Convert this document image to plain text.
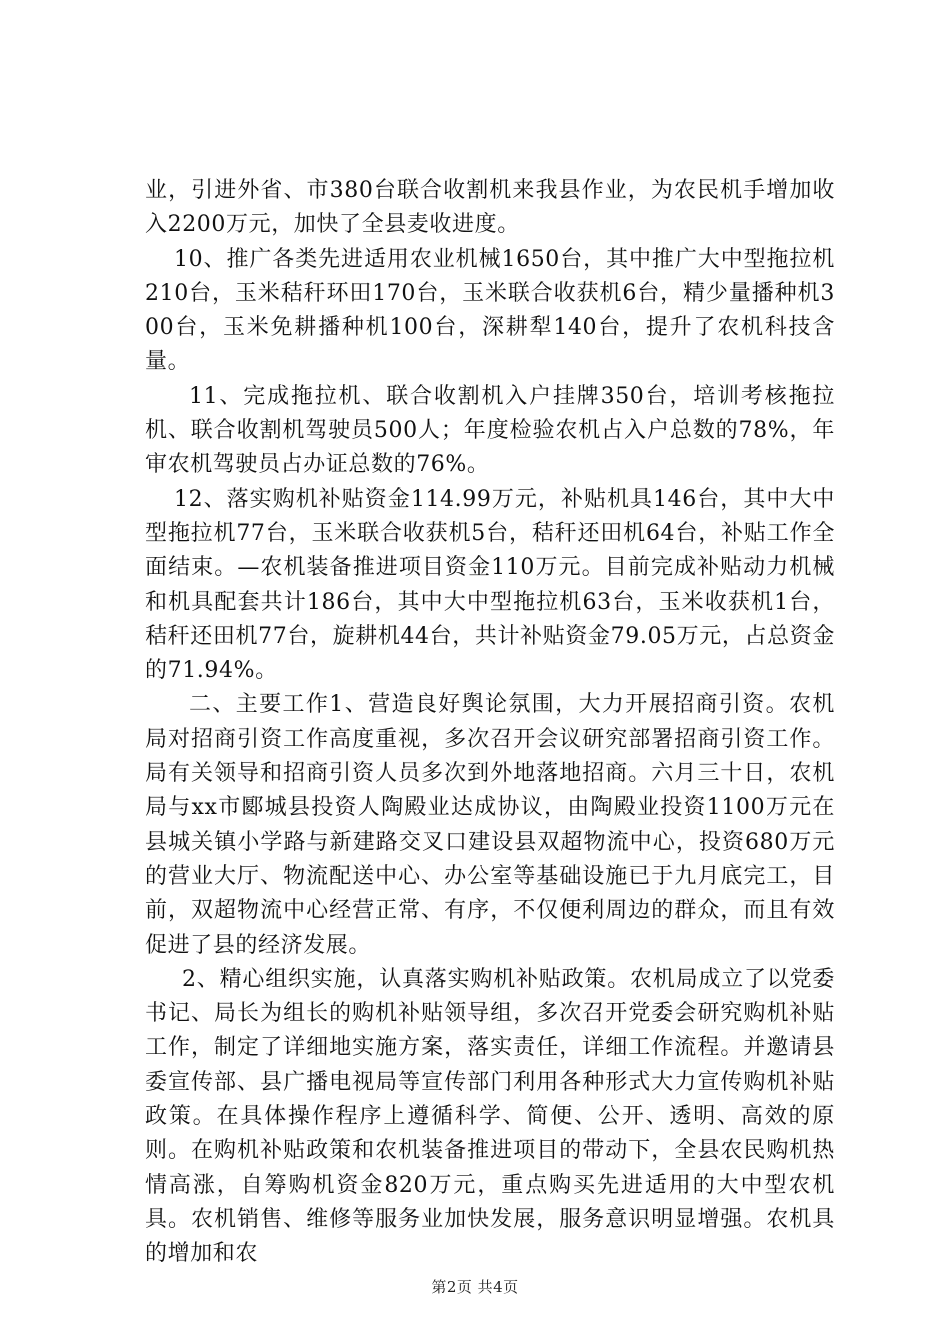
业，引进外省、市380台联合收割机来我县作业，为农民机手增加收入2200万元，加快了全县麦收进度。

10、推广各类先进适用农业机械1650台，其中推广大中型拖拉机210台，玉米秸秆环田170台，玉米联合收获机6台，精少量播种机300台，玉米免耕播种机100台，深耕犁140台，提升了农机科技含量。

11、完成拖拉机、联合收割机入户挂牌350台，培训考核拖拉机、联合收割机驾驶员500人；年度检验农机占入户总数的78%，年审农机驾驶员占办证总数的76%。

12、落实购机补贴资金114.99万元，补贴机具146台，其中大中型拖拉机77台，玉米联合收获机5台，秸秆还田机64台，补贴工作全面结束。—农机装备推进项目资金110万元。目前完成补贴动力机械和机具配套共计186台，其中大中型拖拉机63台，玉米收获机1台，秸秆还田机77台，旋耕机44台，共计补贴资金79.05万元，占总资金的71.94%。

二、主要工作1、营造良好舆论氛围，大力开展招商引资。农机局对招商引资工作高度重视，多次召开会议研究部署招商引资工作。局有关领导和招商引资人员多次到外地落地招商。六月三十日，农机局与xx市郾城县投资人陶殿业达成协议，由陶殿业投资1100万元在县城关镇小学路与新建路交叉口建设县双超物流中心，投资680万元的营业大厅、物流配送中心、办公室等基础设施已于九月底完工，目前，双超物流中心经营正常、有序，不仅便利周边的群众，而且有效促进了县的经济发展。

2、精心组织实施，认真落实购机补贴政策。农机局成立了以党委书记、局长为组长的购机补贴领导组，多次召开党委会研究购机补贴工作，制定了详细地实施方案，落实责任，详细工作流程。并邀请县委宣传部、县广播电视局等宣传部门利用各种形式大力宣传购机补贴政策。在具体操作程序上遵循科学、简便、公开、透明、高效的原则。在购机补贴政策和农机装备推进项目的带动下，全县农民购机热情高涨，自筹购机资金820万元，重点购买先进适用的大中型农机具。农机销售、维修等服务业加快发展，服务意识明显增强。农机具的增加和农

第2页 共4页
